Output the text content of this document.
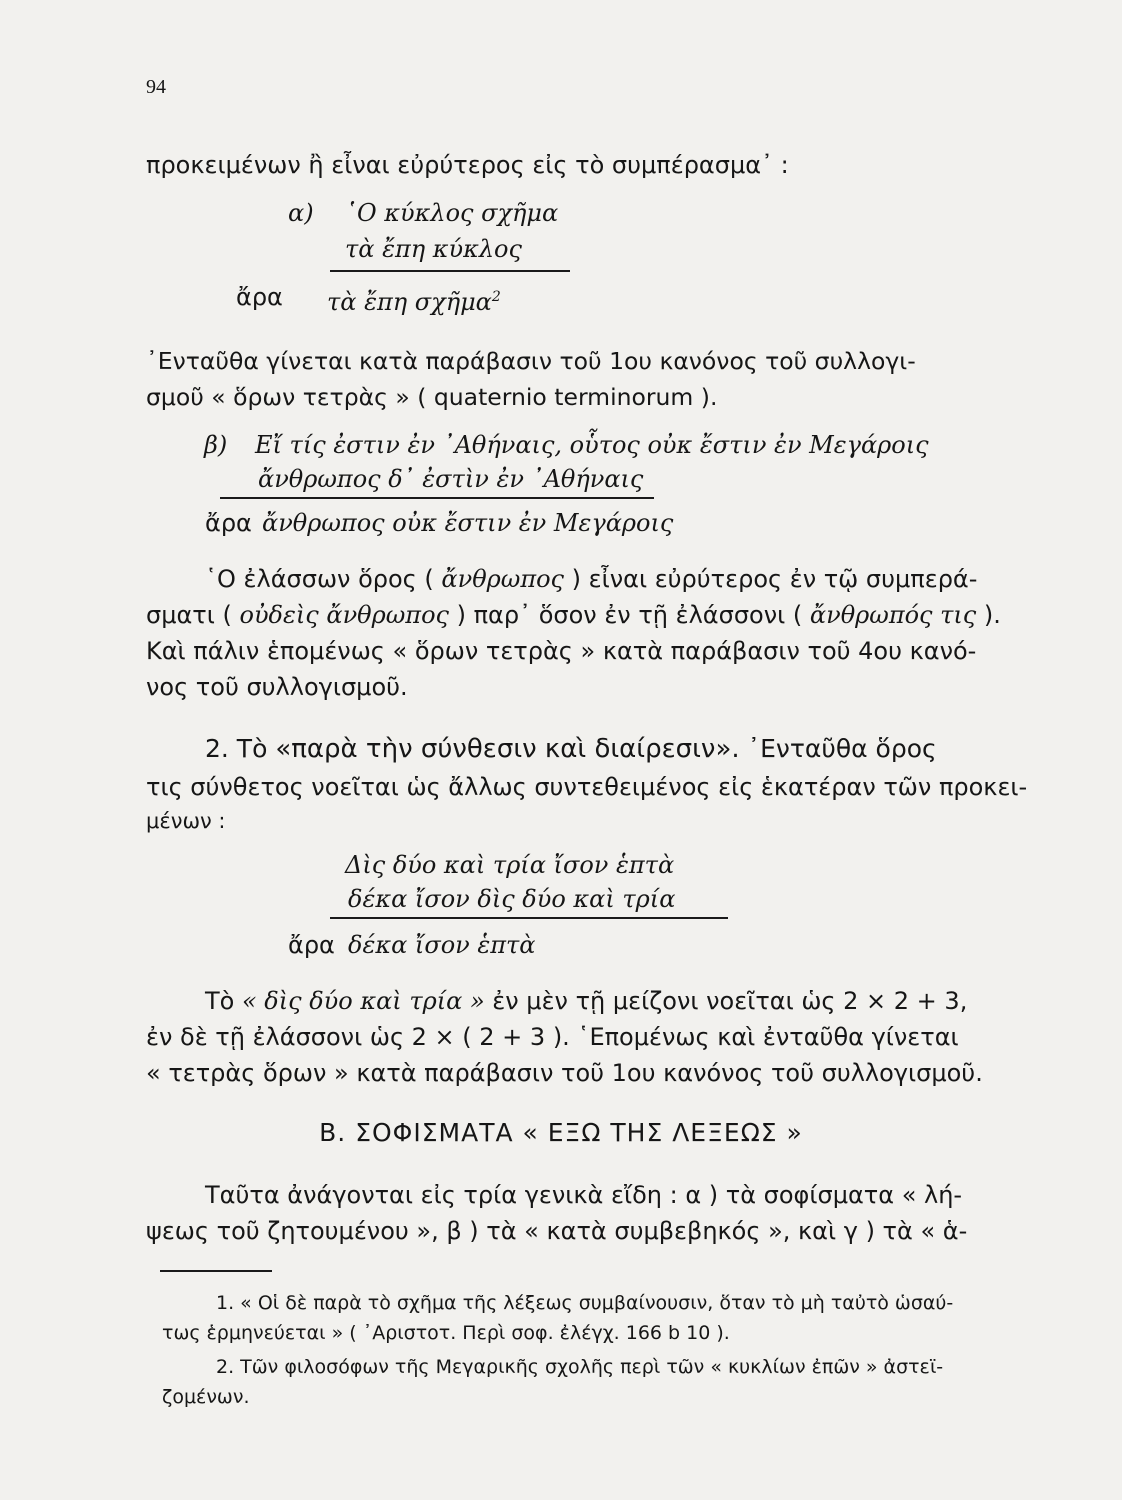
94
προκειμένων ἢ εἶναι εὐρύτερος εἰς τὸ συμπέρασμα᾽ :
α) ῾Ο κύκλος σχῆμα
τὰ ἔπη κύκλος
ἄρα τὰ ἔπη σχῆμα$^2$
᾽Ενταῦθα γίνεται κατὰ παράβασιν τοῦ 1ου κανόνος τοῦ συλλογι-
σμοῦ « ὅρων τετρὰς » ( quaternio terminorum ).
β) Εἴ τίς ἐστιν ἐν ᾽Αθήναις, οὗτος οὐκ ἔστιν ἐν Μεγάροις
ἄνθρωπος δ᾽ ἐστὶν ἐν ᾽Αθήναις
ἄρα ἄνθρωπος οὐκ ἔστιν ἐν Μεγάροις
῾Ο ἐλάσσων ὅρος ( ἄνθρωπος ) εἶναι εὐρύτερος ἐν τῷ συμπερά-
σματι ( οὐδεὶς ἄνθρωπος ) παρ᾽ ὅσον ἐν τῇ ἐλάσσονι ( ἄνθρωπός τις ).
Καὶ πάλιν ἑπομένως « ὅρων τετρὰς » κατὰ παράβασιν τοῦ 4ου κανό-
νος τοῦ συλλογισμοῦ.
2. Τὸ «παρὰ τὴν σύνθεσιν καὶ διαίρεσιν». ᾽Ενταῦθα ὅρος
τις σύνθετος νοεῖται ὡς ἄλλως συντεθειμένος εἰς ἑκατέραν τῶν προκει-
μένων :
Δὶς δύο καὶ τρία ἴσον ἑπτὰ
δέκα ἴσον δὶς δύο καὶ τρία
ἄρα δέκα ἴσον ἑπτὰ
Τὸ « δὶς δύο καὶ τρία » ἐν μὲν τῇ μείζονι νοεῖται ὡς 2 × 2 + 3,
ἐν δὲ τῇ ἐλάσσονι ὡς 2 × ( 2 + 3 ). ῾Επομένως καὶ ἐνταῦθα γίνεται
« τετρὰς ὅρων » κατὰ παράβασιν τοῦ 1ου κανόνος τοῦ συλλογισμοῦ.
Β. ΣΟΦΙΣΜΑΤΑ « ΕΞΩ ΤΗΣ ΛΕΞΕΩΣ »
Ταῦτα ἀνάγονται εἰς τρία γενικὰ εἴδη : α ) τὰ σοφίσματα « λή-
ψεως τοῦ ζητουμένου », β ) τὰ « κατὰ συμβεβηκός », καὶ γ ) τὰ « ἁ-
1. « Οἱ δὲ παρὰ τὸ σχῆμα τῆς λέξεως συμβαίνουσιν, ὅταν τὸ μὴ ταὐτὸ ὡσαύ-
τως ἑρμηνεύεται » ( ᾽Αριστοτ. Περὶ σοφ. ἐλέγχ. 166 b 10 ).
2. Τῶν φιλοσόφων τῆς Μεγαρικῆς σχολῆς περὶ τῶν « κυκλίων ἐπῶν » ἀστεϊ-
ζομένων.
